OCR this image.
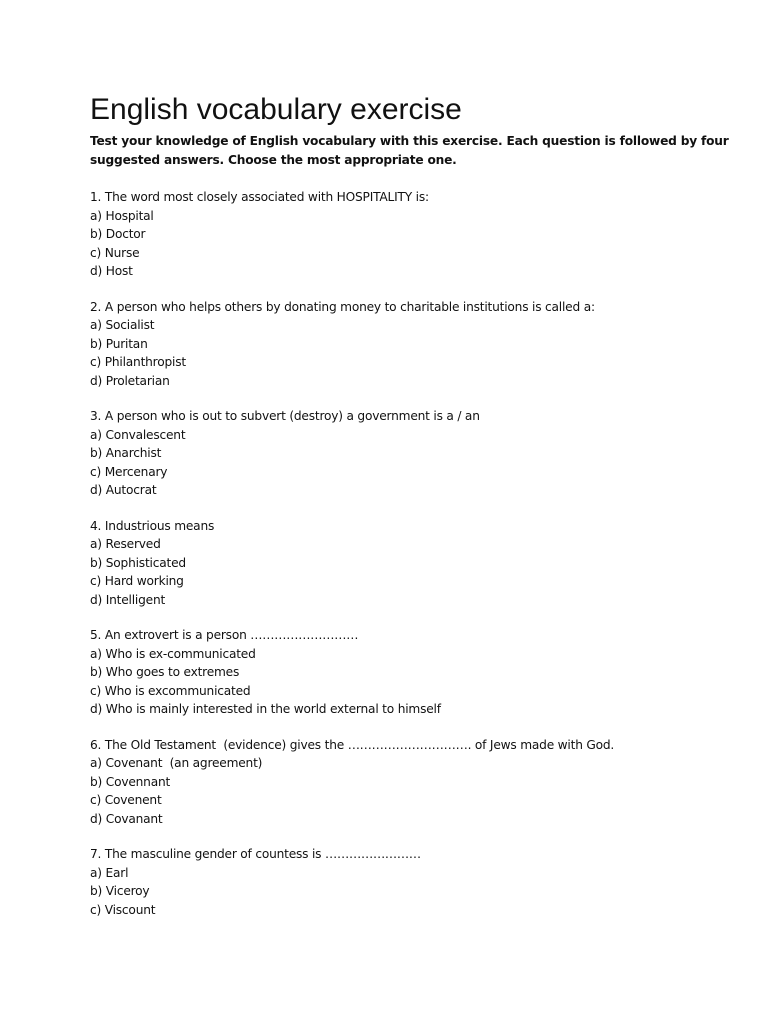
English vocabulary exercise

Test your knowledge of English vocabulary with this exercise. Each question is followed by four suggested answers. Choose the most appropriate one.

1. The word most closely associated with HOSPITALITY is:
a) Hospital
b) Doctor
c) Nurse
d) Host
2. A person who helps others by donating money to charitable institutions is called a:
a) Socialist
b) Puritan
c) Philanthropist
d) Proletarian
3. A person who is out to subvert (destroy) a government is a / an
a) Convalescent
b) Anarchist
c) Mercenary
d) Autocrat
4. Industrious means
a) Reserved
b) Sophisticated
c) Hard working
d) Intelligent
5. An extrovert is a person ………………………
a) Who is ex-communicated
b) Who goes to extremes
c) Who is excommunicated
d) Who is mainly interested in the world external to himself
6. The Old Testament  (evidence) gives the …………………………. of Jews made with God.
a) Covenant  (an agreement)
b) Covennant
c) Covenent
d) Covanant
7. The masculine gender of countess is ……………………
a) Earl
b) Viceroy
c) Viscount
